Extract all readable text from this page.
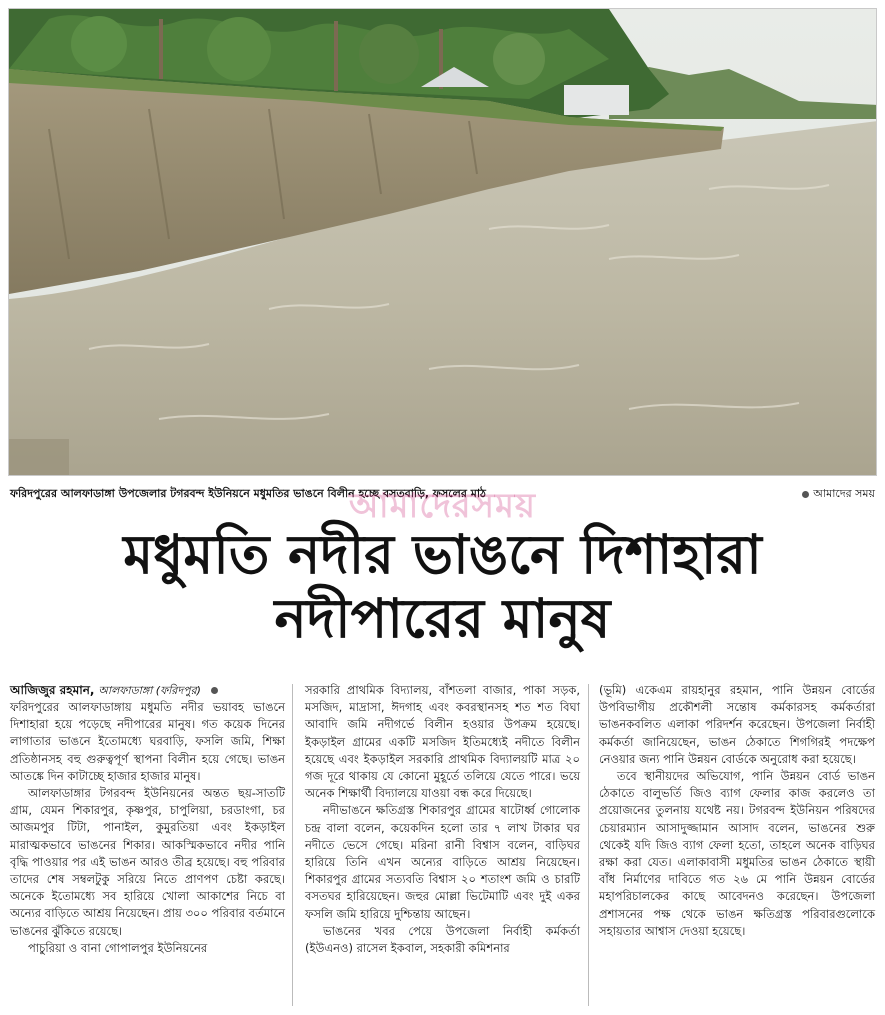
ফরিদপুরের আলফাডাঙ্গা উপজেলার টগরবন্দ ইউনিয়নে মধুমতির ভাঙনে বিলীন হচ্ছে বসতবাড়ি, ফসলের মাঠ	আমাদের সময়
আমাদেরসময়
মধুমতি নদীর ভাঙনে দিশাহারা
নদীপারের মানুষ
আজিজুর রহমান, আলফাডাঙ্গা (ফরিদপুর)

ফরিদপুরের আলফাডাঙ্গায় মধুমতি নদীর ভয়াবহ ভাঙনে দিশাহারা হয়ে পড়েছে নদীপারের মানুষ। গত কয়েক দিনের লাগাতার ভাঙনে ইতোমধ্যে ঘরবাড়ি, ফসলি জমি, শিক্ষা প্রতিষ্ঠানসহ বহু গুরুত্বপূর্ণ স্থাপনা বিলীন হয়ে গেছে। ভাঙন আতঙ্কে দিন কাটাচ্ছে হাজার হাজার মানুষ।

আলফাডাঙ্গার টগরবন্দ ইউনিয়নের অন্তত ছয়-সাতটি গ্রাম, যেমন শিকারপুর, কৃষ্ণপুর, চাপুলিয়া, চরডাংগা, চর আজমপুর টিটা, পানাইল, কুমুরতিয়া এবং ইকড়াইল মারাত্মকভাবে ভাঙনের শিকার। আকস্মিকভাবে নদীর পানি বৃদ্ধি পাওয়ার পর এই ভাঙন আরও তীব্র হয়েছে। বহু পরিবার তাদের শেষ সম্বলটুকু সরিয়ে নিতে প্রাণপণ চেষ্টা করছে। অনেকে ইতোমধ্যে সব হারিয়ে খোলা আকাশের নিচে বা অন্যের বাড়িতে আশ্রয় নিয়েছেন। প্রায় ৩০০ পরিবার বর্তমানে ভাঙনের ঝুঁকিতে রয়েছে।

পাচুরিয়া ও বানা গোপালপুর ইউনিয়নের

সরকারি প্রাথমিক বিদ্যালয়, বাঁশতলা বাজার, পাকা সড়ক, মসজিদ, মাদ্রাসা, ঈদগাহ এবং কবরস্থানসহ শত শত বিঘা আবাদি জমি নদীগর্ভে বিলীন হওয়ার উপক্রম হয়েছে। ইকড়াইল গ্রামের একটি মসজিদ ইতিমধ্যেই নদীতে বিলীন হয়েছে এবং ইকড়াইল সরকারি প্রাথমিক বিদ্যালয়টি মাত্র ২০ গজ দূরে থাকায় যে কোনো মুহূর্তে তলিয়ে যেতে পারে। ভয়ে অনেক শিক্ষার্থী বিদ্যালয়ে যাওয়া বন্ধ করে দিয়েছে।

নদীভাঙনে ক্ষতিগ্রস্ত শিকারপুর গ্রামের ষাটোর্ধ্ব গোলোক চন্দ্র বালা বলেন, কয়েকদিন হলো তার ৭ লাখ টাকার ঘর নদীতে ভেসে গেছে। মরিনা রানী বিশ্বাস বলেন, বাড়িঘর হারিয়ে তিনি এখন অন্যের বাড়িতে আশ্রয় নিয়েছেন। শিকারপুর গ্রামের সত্যবতি বিশ্বাস ২০ শতাংশ জমি ও চারটি বসতঘর হারিয়েছেন। জহুর মোল্লা ভিটেমাটি এবং দুই একর ফসলি জমি হারিয়ে দুশ্চিন্তায় আছেন।

ভাঙনের খবর পেয়ে উপজেলা নির্বাহী কর্মকর্তা (ইউএনও) রাসেল ইকবাল, সহকারী কমিশনার

(ভূমি) একেএম রায়হানুর রহমান, পানি উন্নয়ন বোর্ডের উপবিভাগীয় প্রকৌশলী সন্তোষ কর্মকারসহ কর্মকর্তারা ভাঙনকবলিত এলাকা পরিদর্শন করেছেন। উপজেলা নির্বাহী কর্মকর্তা জানিয়েছেন, ভাঙন ঠেকাতে শিগগিরই পদক্ষেপ নেওয়ার জন্য পানি উন্নয়ন বোর্ডকে অনুরোধ করা হয়েছে।

তবে স্থানীয়দের অভিযোগ, পানি উন্নয়ন বোর্ড ভাঙন ঠেকাতে বালুভর্তি জিও ব্যাগ ফেলার কাজ করলেও তা প্রয়োজনের তুলনায় যথেষ্ট নয়। টগরবন্দ ইউনিয়ন পরিষদের চেয়ারম্যান আসাদুজ্জামান আসাদ বলেন, ভাঙনের শুরু থেকেই যদি জিও ব্যাগ ফেলা হতো, তাহলে অনেক বাড়িঘর রক্ষা করা যেত। এলাকাবাসী মধুমতির ভাঙন ঠেকাতে স্থায়ী বাঁধ নির্মাণের দাবিতে গত ২৬ মে পানি উন্নয়ন বোর্ডের মহাপরিচালকের কাছে আবেদনও করেছেন। উপজেলা প্রশাসনের পক্ষ থেকে ভাঙন ক্ষতিগ্রস্ত পরিবারগুলোকে সহায়তার আশ্বাস দেওয়া হয়েছে।
